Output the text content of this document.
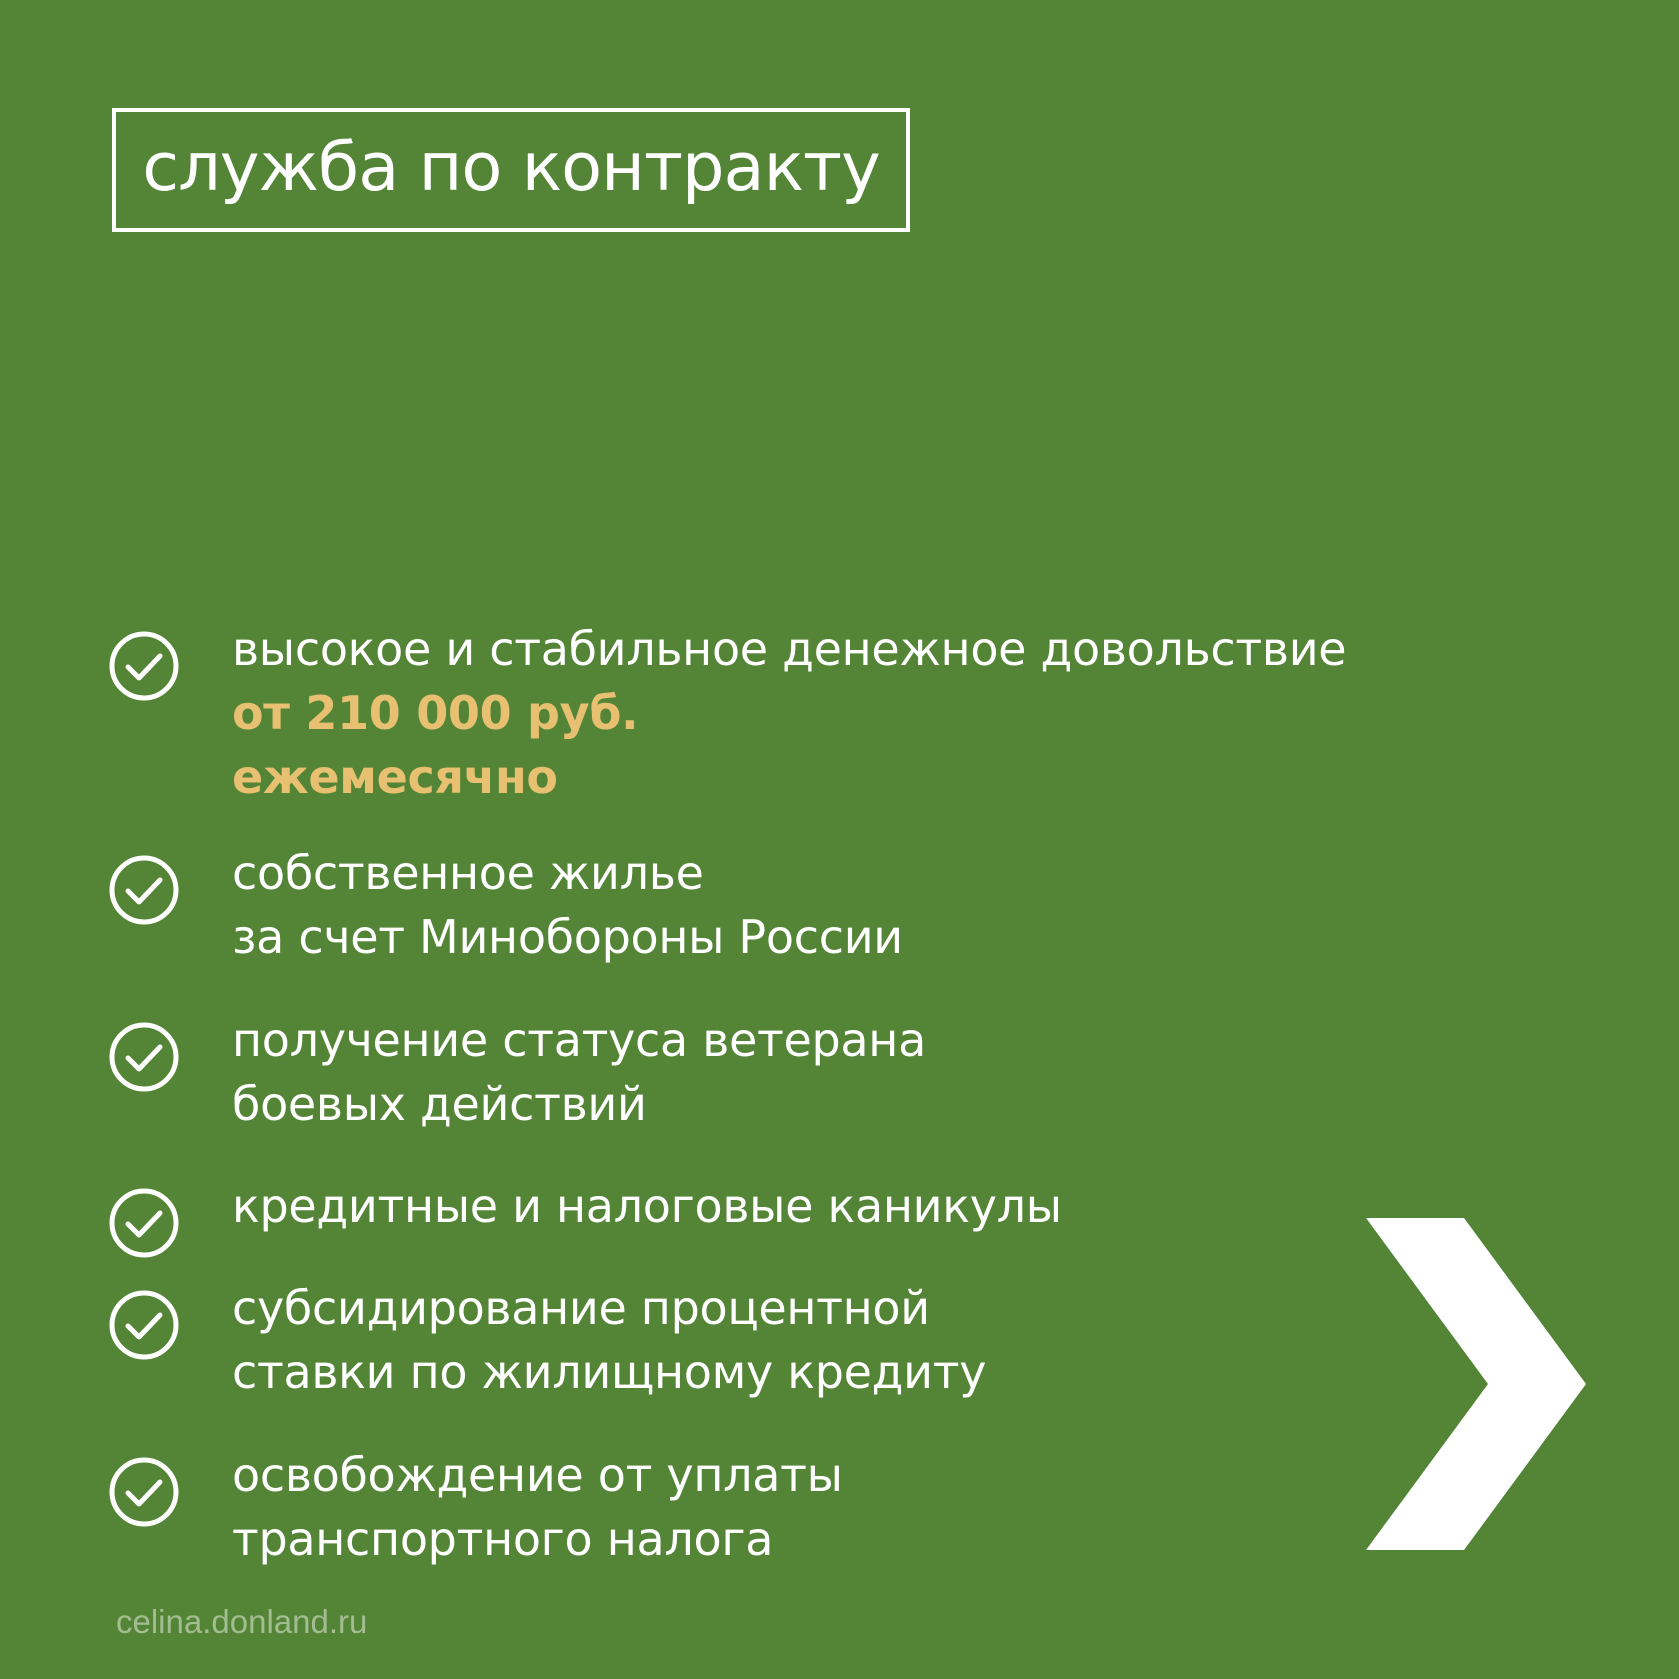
служба по контракту
высокое и стабильное денежное довольствие
от 210 000 руб.
ежемесячно
собственное жилье
за счет Минобороны России
получение статуса ветерана
боевых действий
кредитные и налоговые каникулы
субсидирование процентной
ставки по жилищному кредиту
освобождение от уплаты
транспортного налога
celina.donland.ru
